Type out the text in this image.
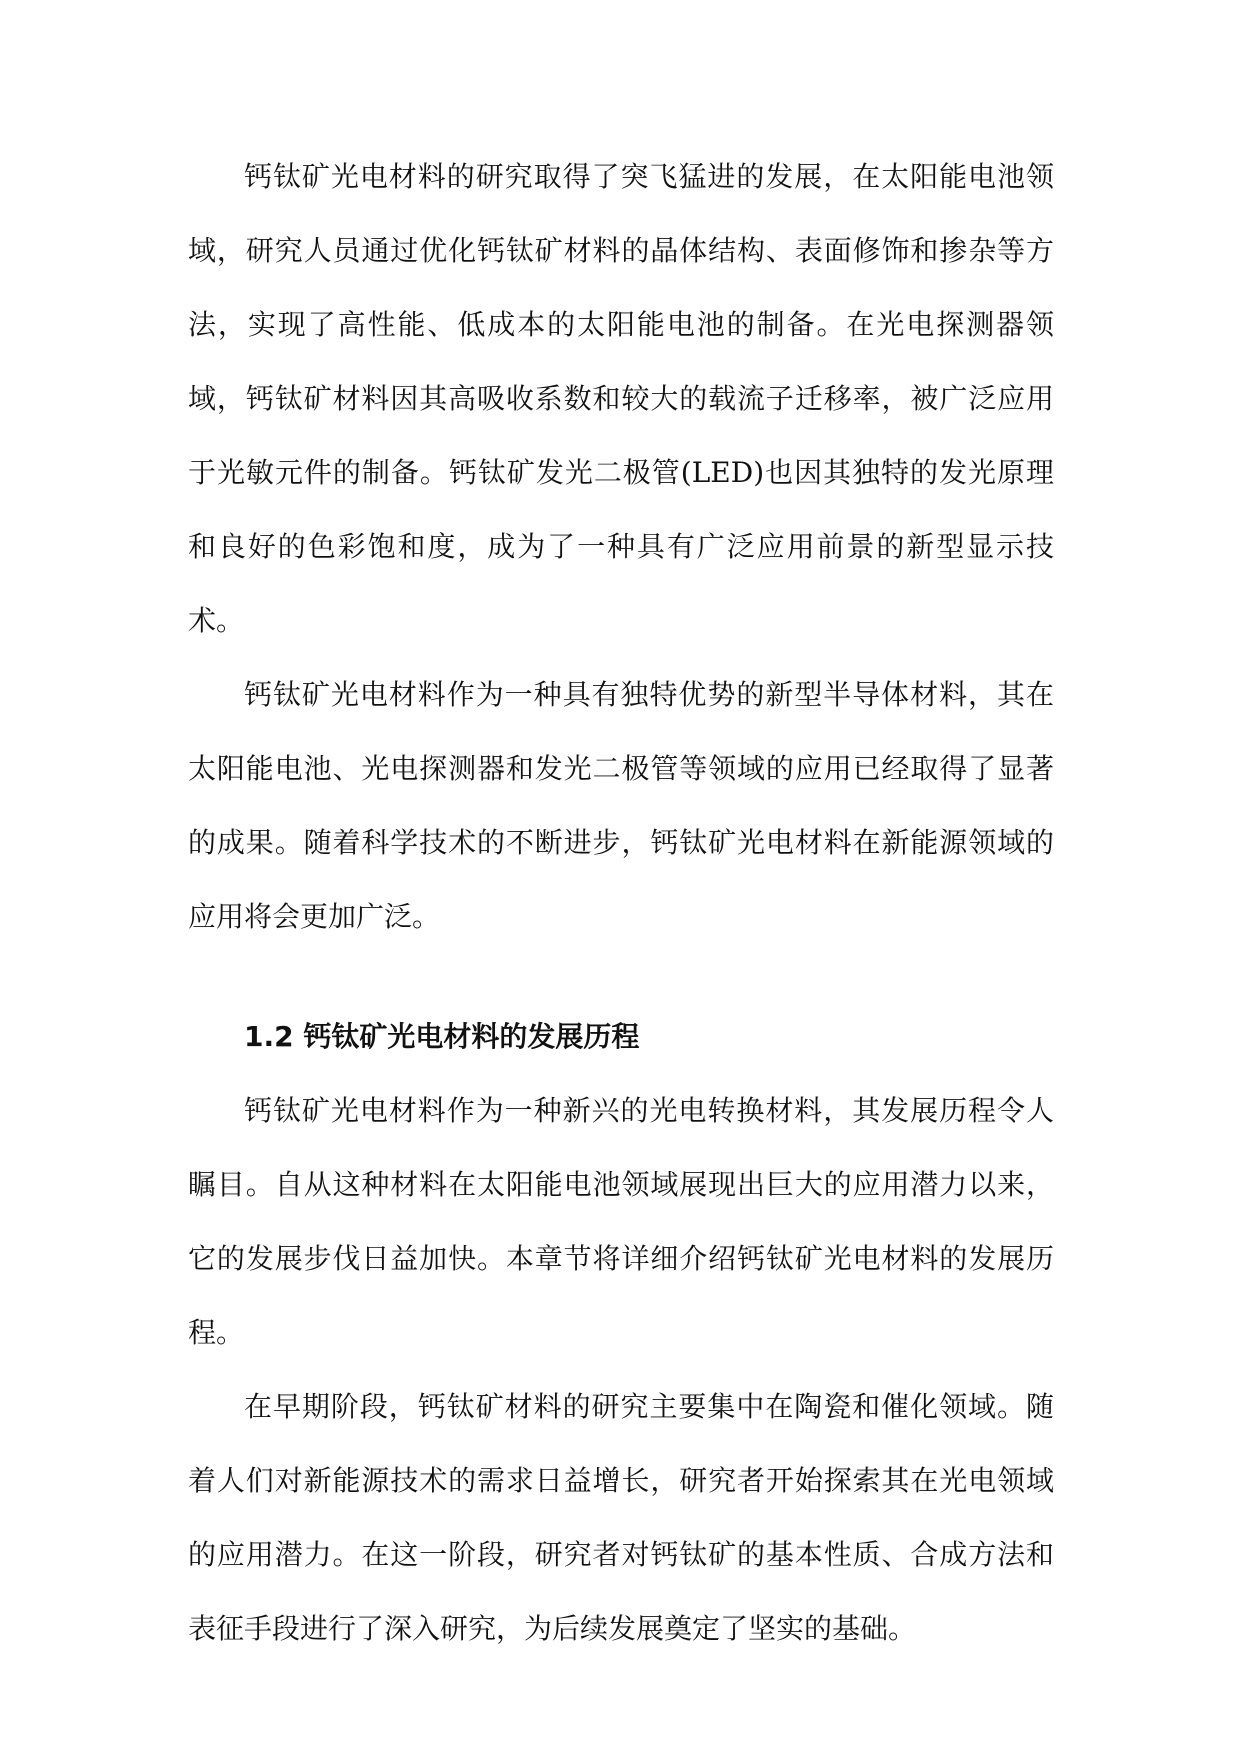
钙钛矿光电材料的研究取得了突飞猛进的发展，在太阳能电池领域，研究人员通过优化钙钛矿材料的晶体结构、表面修饰和掺杂等方法，实现了高性能、低成本的太阳能电池的制备。在光电探测器领域，钙钛矿材料因其高吸收系数和较大的载流子迁移率，被广泛应用于光敏元件的制备。钙钛矿发光二极管(LED)也因其独特的发光原理和良好的色彩饱和度，成为了一种具有广泛应用前景的新型显示技术。

钙钛矿光电材料作为一种具有独特优势的新型半导体材料，其在太阳能电池、光电探测器和发光二极管等领域的应用已经取得了显著的成果。随着科学技术的不断进步，钙钛矿光电材料在新能源领域的应用将会更加广泛。

1.2 钙钛矿光电材料的发展历程

钙钛矿光电材料作为一种新兴的光电转换材料，其发展历程令人瞩目。自从这种材料在太阳能电池领域展现出巨大的应用潜力以来，它的发展步伐日益加快。本章节将详细介绍钙钛矿光电材料的发展历程。

在早期阶段，钙钛矿材料的研究主要集中在陶瓷和催化领域。随着人们对新能源技术的需求日益增长，研究者开始探索其在光电领域的应用潜力。在这一阶段，研究者对钙钛矿的基本性质、合成方法和表征手段进行了深入研究，为后续发展奠定了坚实的基础。
